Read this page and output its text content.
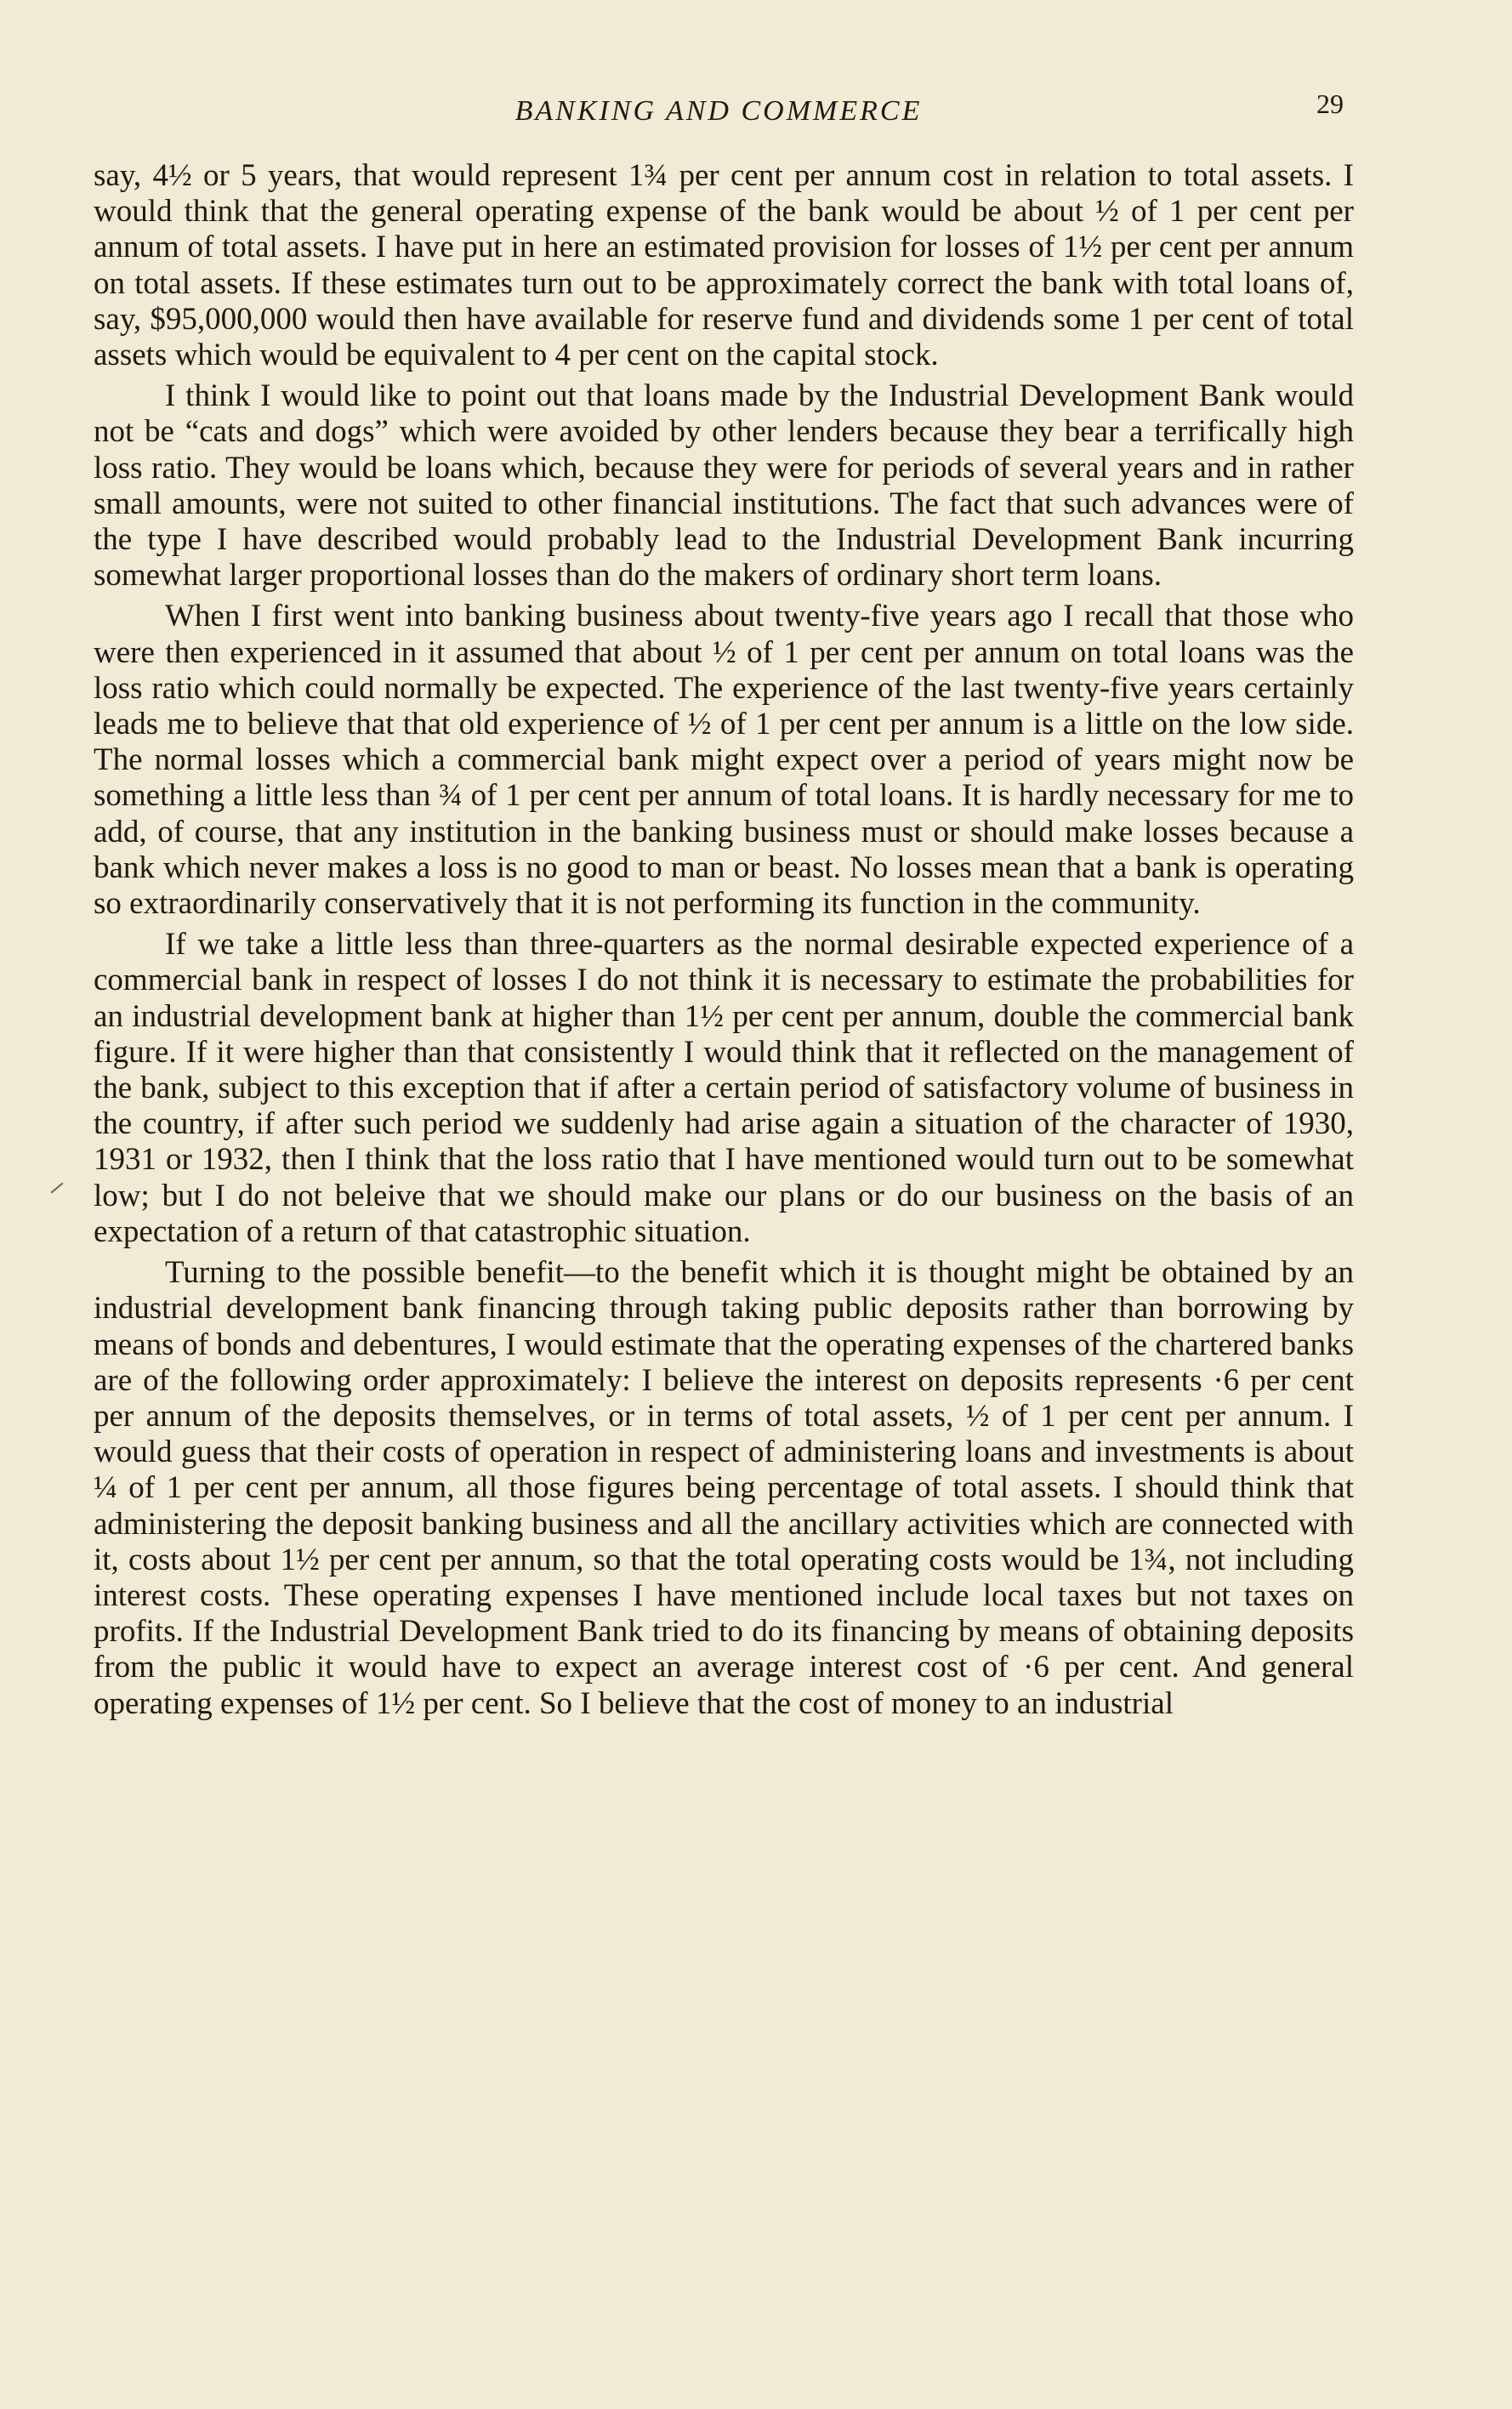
BANKING AND COMMERCE	29

say, 4½ or 5 years, that would represent 1¾ per cent per annum cost in relation to total assets. I would think that the general operating expense of the bank would be about ½ of 1 per cent per annum of total assets. I have put in here an estimated provision for losses of 1½ per cent per annum on total assets. If these estimates turn out to be approximately correct the bank with total loans of, say, $95,000,000 would then have available for reserve fund and dividends some 1 per cent of total assets which would be equivalent to 4 per cent on the capital stock.

I think I would like to point out that loans made by the Industrial Development Bank would not be “cats and dogs” which were avoided by other lenders because they bear a terrifically high loss ratio. They would be loans which, because they were for periods of several years and in rather small amounts, were not suited to other financial institutions. The fact that such advances were of the type I have described would probably lead to the Industrial Development Bank incurring somewhat larger proportional losses than do the makers of ordinary short term loans.

When I first went into banking business about twenty-five years ago I recall that those who were then experienced in it assumed that about ½ of 1 per cent per annum on total loans was the loss ratio which could normally be expected. The experience of the last twenty-five years certainly leads me to believe that that old experience of ½ of 1 per cent per annum is a little on the low side. The normal losses which a commercial bank might expect over a period of years might now be something a little less than ¾ of 1 per cent per annum of total loans. It is hardly necessary for me to add, of course, that any institution in the banking business must or should make losses because a bank which never makes a loss is no good to man or beast. No losses mean that a bank is operating so extraordinarily conservatively that it is not performing its function in the community.

If we take a little less than three-quarters as the normal desirable expected experience of a commercial bank in respect of losses I do not think it is necessary to estimate the probabilities for an industrial development bank at higher than 1½ per cent per annum, double the commercial bank figure. If it were higher than that consistently I would think that it reflected on the management of the bank, subject to this exception that if after a certain period of satisfactory volume of business in the country, if after such period we suddenly had arise again a situation of the character of 1930, 1931 or 1932, then I think that the loss ratio that I have mentioned would turn out to be somewhat low; but I do not beleive that we should make our plans or do our business on the basis of an expectation of a return of that catastrophic situation.

Turning to the possible benefit—to the benefit which it is thought might be obtained by an industrial development bank financing through taking public deposits rather than borrowing by means of bonds and debentures, I would estimate that the operating expenses of the chartered banks are of the following order approximately: I believe the interest on deposits represents ·6 per cent per annum of the deposits themselves, or in terms of total assets, ½ of 1 per cent per annum. I would guess that their costs of operation in respect of administering loans and investments is about ¼ of 1 per cent per annum, all those figures being percentage of total assets. I should think that administering the deposit banking business and all the ancillary activities which are connected with it, costs about 1½ per cent per annum, so that the total operating costs would be 1¾, not including interest costs. These operating expenses I have mentioned include local taxes but not taxes on profits. If the Industrial Development Bank tried to do its financing by means of obtaining deposits from the public it would have to expect an average interest cost of ·6 per cent. And general operating expenses of 1½ per cent. So I believe that the cost of money to an industrial
